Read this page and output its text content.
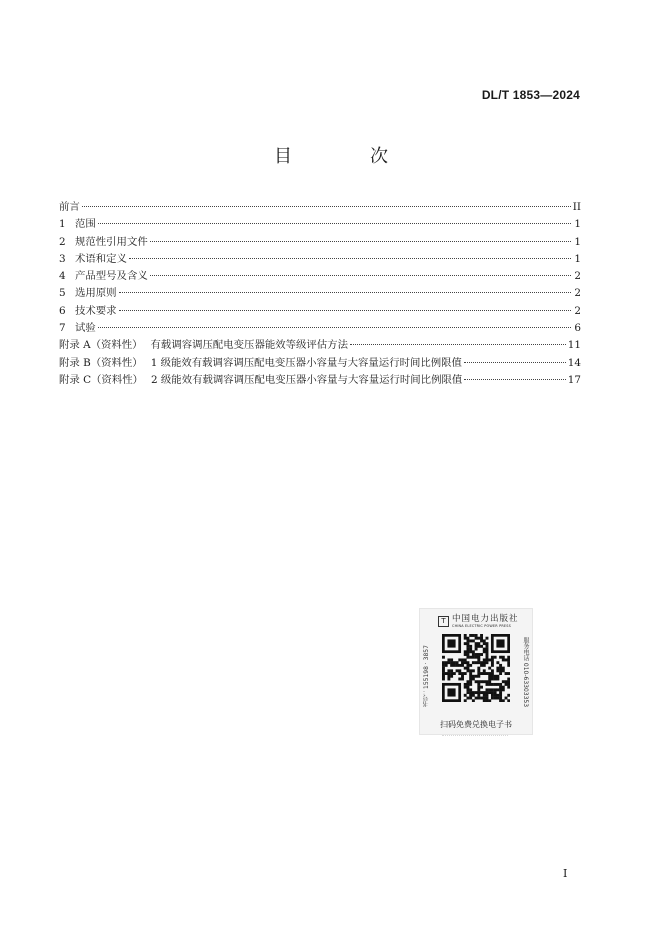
DL/T 1853—2024
目　次
前言	II
1 范围	1
2 规范性引用文件	1
3 术语和定义	1
4 产品型号及含义	2
5 选用原则	2
6 技术要求	2
7 试验	6
附录 A（资料性） 有载调容调压配电变压器能效等级评估方法	11
附录 B（资料性） 1 级能效有载调容调压配电变压器小容量与大容量运行时间比例限值	14
附录 C（资料性） 2 级能效有载调容调压配电变压器小容量与大容量运行时间比例限值	17
T 中国电力出版社
CHINA ELECTRIC POWER PRESS
书号：155198 · 3857	服务电话 010-63303353
扫码免费兑换电子书
I
